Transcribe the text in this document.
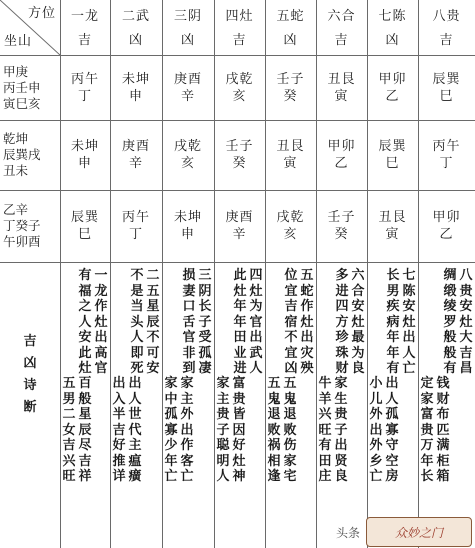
方位
坐山
一龙
吉
二武
凶
三阴
凶
四灶
吉
五蛇
凶
六合
吉
七陈
凶
八贵
吉
甲庚
丙壬申
寅巳亥
丙午
丁
未坤
申
庚酉
辛
戌乾
亥
壬子
癸
丑艮
寅
甲卯
乙
辰巽
巳
乾坤
辰巽戌
丑未
未坤
申
庚酉
辛
戌乾
亥
壬子
癸
丑艮
寅
甲卯
乙
辰巽
巳
丙午
丁
乙辛
丁癸子
午卯酉
辰巽
巳
丙午
丁
未坤
申
庚酉
辛
戌乾
亥
壬子
癸
丑艮
寅
甲卯
乙
吉
凶
诗
断
一龙作灶出高官
有福之人安此灶
百般星辰尽吉祥
五男二女吉兴旺
二五星辰不可安
不是当头人即死
出人世代主瘟癀
出入半吉好推详
三阴长子受孤凄
损妻口舌官非到
家主外出作客亡
家中孤寡少年亡
四灶为官出武人
此灶年年田业进
富贵皆因好灶神
家主贵子聪明人
五蛇作灶出灾殃
位宜吉宿不宜凶
五鬼退败伤家宅
五鬼退败祸相逢
六合安灶最为良
多进四方珍珠财
家生贵子出贤良
牛羊兴旺有田庄
七陈安灶出人亡
长男疾病年年有
出人孤寡守空房
小儿外出外乡亡
八贵安灶大吉昌
绸缎绫罗般般有
钱财布匹满柜箱
定家富贵万年长
头条	众妙之门
